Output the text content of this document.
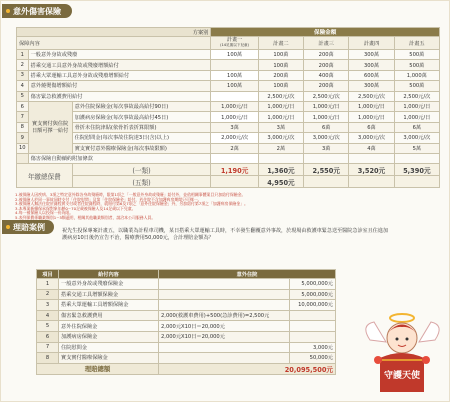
意外傷害保險
方案別			保險金額				
保障內容			計畫一
(14足歲以下兒童)	計畫二	計畫三	計畫四	計畫五
1	一般意外身故或殘廢		100萬	100萬	200萬	300萬	500萬
2	搭乘交通工具意外身故或殘廢增額給付			100萬	200萬	300萬	500萬
3	搭乘大眾運輸工具意外身故或殘廢增額給付		100萬	200萬	400萬	600萬	1,000萬
4	意外燒燙傷增額給付		100萬	100萬	200萬	300萬	500萬
5	傷害緊急救護費用給付			2,500元/次	2,500元/次	2,500元/次	2,500元/次
6	實支實付與住院日額可擇一給付	意外住院保險金(每次事故最高給付90日)	1,000元/日	1,000元/日	1,000元/日	1,000元/日	1,000元/日
7		加護病房保險金(每次事故最高給付45日)	1,000元/日	1,000元/日	1,000元/日	1,000元/日	1,000元/日
8		骨折未住院津貼(依骨折表折算限額)	3萬	3萬	6萬	6萬	6萬
9		住院慰問金(每次事故住院達3日(含)以上)	2,000元/次	3,000元/次	3,000元/次	3,000元/次	3,000元/次
10		實支實付意外醫療保險金(每次事故限額)	2萬	2萬	3萬	4萬	5萬
	傷害保險自動續約附加條款						
年繳總保費		(一類)	1,190元	1,360元	2,550元	3,520元	5,390元
		(五類)		4,950元			
1.被保險人因疾病、3項之特定意外除各身故殘廢時，限第1項之「一般意外身故或殘廢」給付外，並依相關事體案目只加給付保險金。
2.被保險人於同一事故同時支付「住院慰問」及第「住院保險金」給付，若住院不含加護病房期間只可擇一。
3.被保險人無法住院於賽程實支付或者住院賽程時，就賠付第6及7項之「意外住院保險金」外，另加給付第7項之「加護病房保險金」。
3.本專案新續保承保對象年齡0~70足歲被保險人及14足歲以下兒童。
4.每一被保險人以投保一份為限。
5.表列保費係職業類別1~5類適用，相關其他職業類別者，請洽本公司服務人員。
理賠案例	祝先生投保專案計畫五，以職業為計程車司機，某日搭乘大眾運輸工具時，不幸發生翻覆意外事故，於現場由救護車緊急送至醫院急診室且住進加護病房10日後仍宣告不治，醫療費用50,000元，合計理賠金額為？
項目	給付內容	意外住院	
1	一般意外身故或殘廢保險金		5,000,000元
2	搭乘交通工具增額保險金		5,000,000元
3	搭乘大眾運輸工具增額保險金		10,000,000元
4	傷害緊急救護費用	2,000(救護車費用)+500(急診費用)=2,500元	
5	意外住院保險金	2,000元X10日＝20,000元	
6	加護病房保險金	2,000元X10日＝20,000元	
7	住院慰問金		3,000元
8	實支實付醫療保險金		50,000元
理賠總額		20,095,500元	
守護天使
